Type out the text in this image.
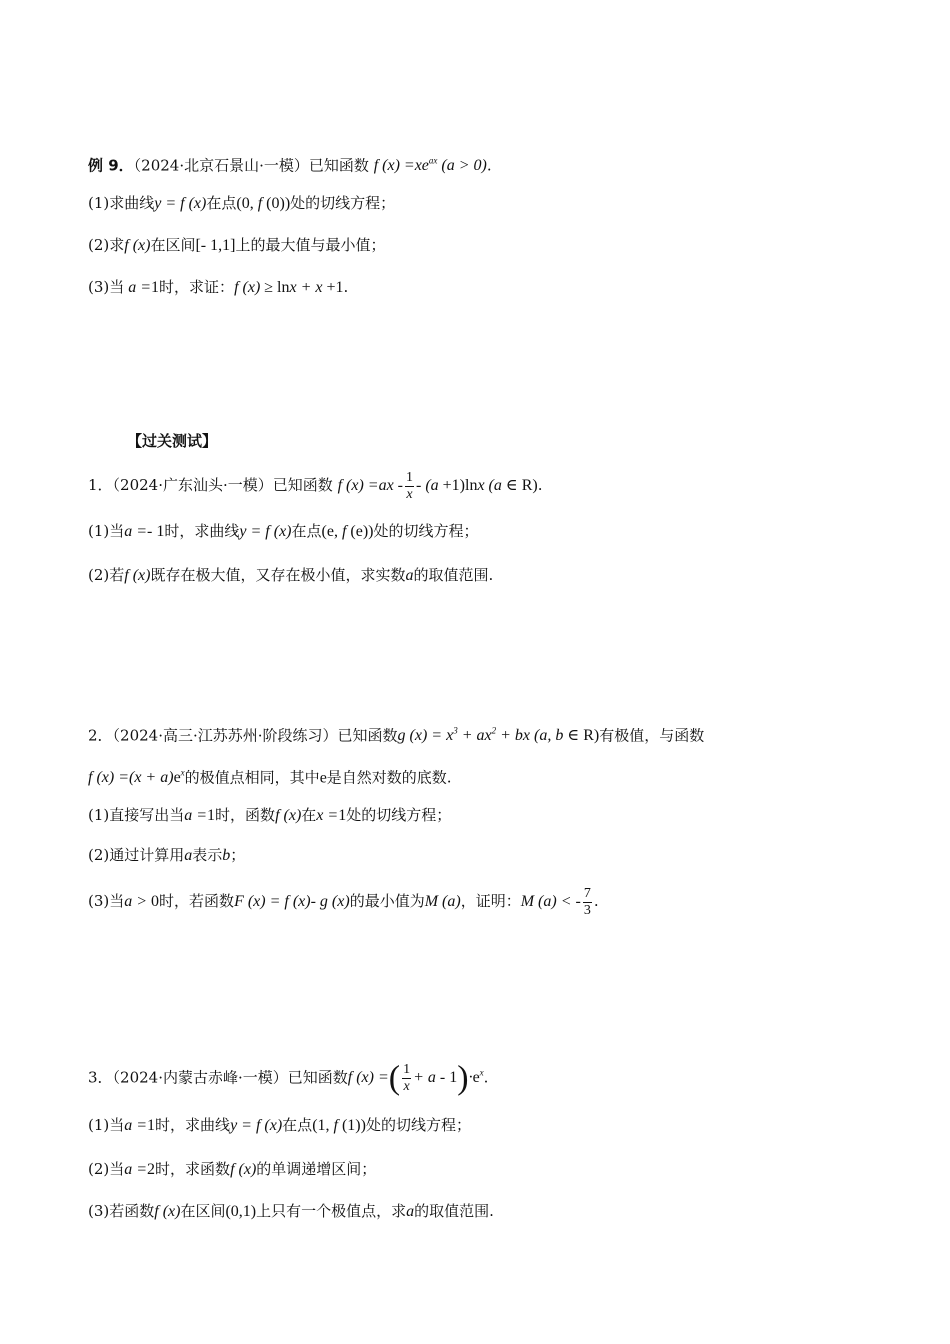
例 9．（2024·北京石景山·一模）已知函数 f $(x) =xe^{ax}$ (a > 0).
(1)求曲线y = f (x)在点(0, f (0))处的切线方程；
(2)求f (x)在区间[- 1,1]上的最大值与最小值；
(3)当 a =1时，求证：f (x) ≥ lnx + x +1.
【过关测试】
1．（2024·广东汕头·一模）已知函数 f $(x) =ax - \frac{1}{x} - (a +1)\ln x$ (a ∈ R).
(1)当a =- 1时，求曲线y = f (x)在点(e, f (e))处的切线方程；
(2)若f (x)既存在极大值，又存在极小值，求实数a的取值范围.
2．（2024·高三·江苏苏州·阶段练习）已知函数g $(x) = x^3 + ax^2$ + bx (a, b ∈ R)有极值，与函数
f $(x) =(x + a)e^x$的极值点相同，其中e是自然对数的底数.
(1)直接写出当a =1时，函数f (x)在x =1处的切线方程；
(2)通过计算用a表示b；
(3)当a > 0时，若函数F (x) = f (x)- g (x)的最小值为M (a)，证明：M (a) < - $\frac{7}{3}$ .
3．（2024·内蒙古赤峰·一模）已知函数f (x) =( $\frac{1}{x} + a - 1)\cdot e^x$.
(1)当a =1时，求曲线y = f (x)在点(1, f (1))处的切线方程；
(2)当a =2时，求函数f (x)的单调递增区间；
(3)若函数f (x)在区间(0,1)上只有一个极值点，求a的取值范围.
